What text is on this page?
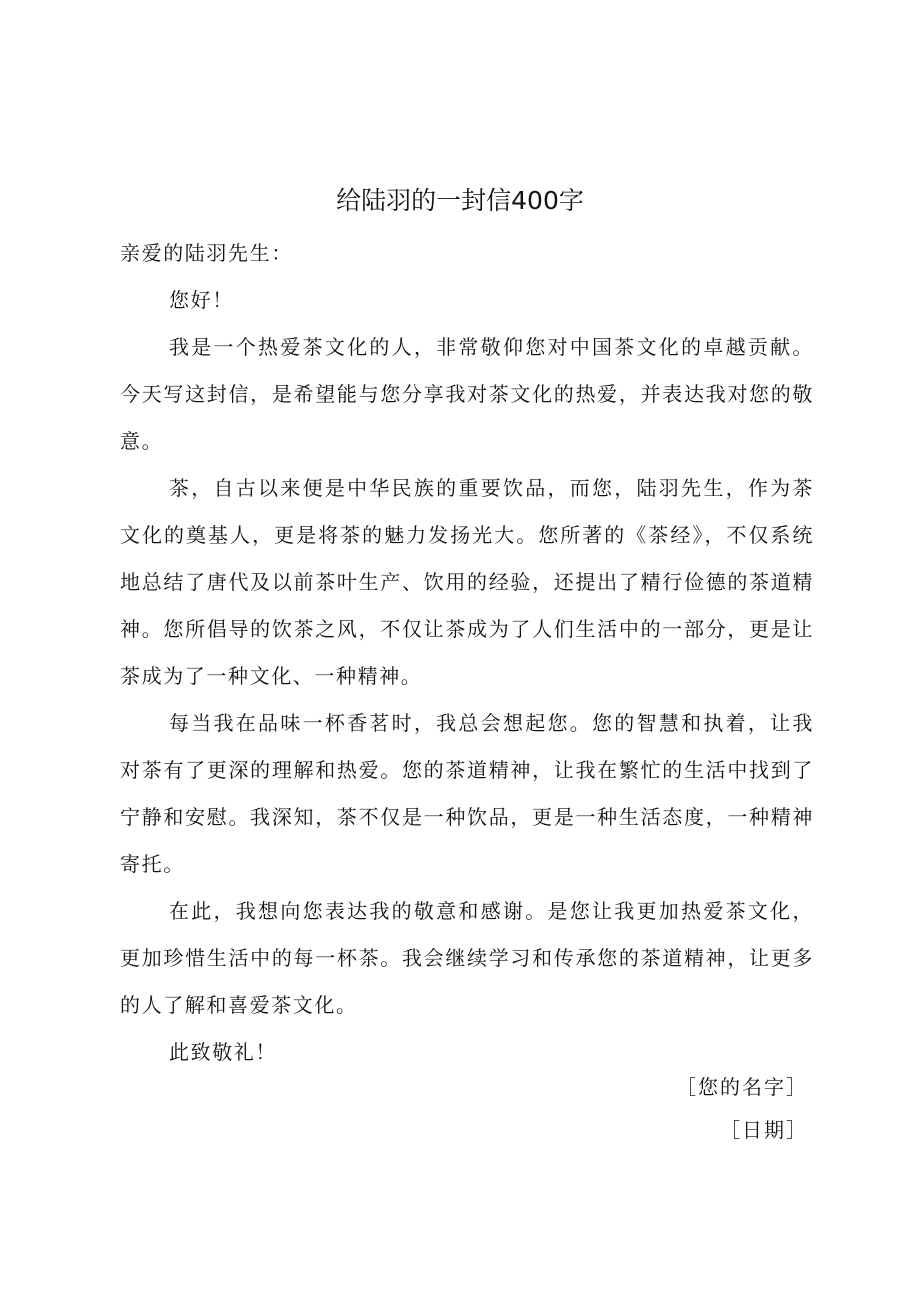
给陆羽的一封信400字

亲爱的陆羽先生：

您好！

我是一个热爱茶文化的人，非常敬仰您对中国茶文化的卓越贡献。今天写这封信，是希望能与您分享我对茶文化的热爱，并表达我对您的敬意。

茶，自古以来便是中华民族的重要饮品，而您，陆羽先生，作为茶文化的奠基人，更是将茶的魅力发扬光大。您所著的《茶经》，不仅系统地总结了唐代及以前茶叶生产、饮用的经验，还提出了精行俭德的茶道精神。您所倡导的饮茶之风，不仅让茶成为了人们生活中的一部分，更是让茶成为了一种文化、一种精神。

每当我在品味一杯香茗时，我总会想起您。您的智慧和执着，让我对茶有了更深的理解和热爱。您的茶道精神，让我在繁忙的生活中找到了宁静和安慰。我深知，茶不仅是一种饮品，更是一种生活态度，一种精神寄托。

在此，我想向您表达我的敬意和感谢。是您让我更加热爱茶文化，更加珍惜生活中的每一杯茶。我会继续学习和传承您的茶道精神，让更多的人了解和喜爱茶文化。

此致敬礼！

［您的名字］
［日期］
